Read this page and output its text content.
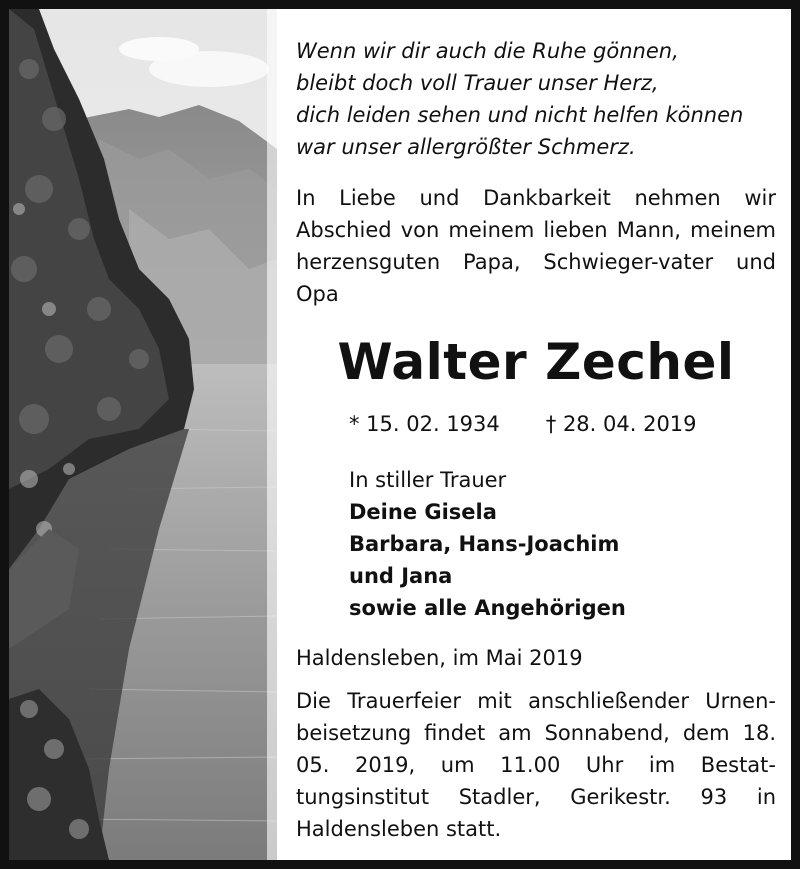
Wenn wir dir auch die Ruhe gönnen,
bleibt doch voll Trauer unser Herz,
dich leiden sehen und nicht helfen können
war unser allergrößter Schmerz.
In Liebe und Dankbarkeit nehmen wir Abschied von meinem lieben Mann, meinem herzensguten Papa, Schwieger-vater und Opa
Walter Zechel
* 15. 02. 1934 † 28. 04. 2019
In stiller Trauer
Deine Gisela
Barbara, Hans-Joachim
und Jana
sowie alle Angehörigen
Haldensleben, im Mai 2019
Die Trauerfeier mit anschließender Urnen-beisetzung findet am Sonnabend, dem 18. 05. 2019, um 11.00 Uhr im Bestat-tungsinstitut Stadler, Gerikestr. 93 in Haldensleben statt.
